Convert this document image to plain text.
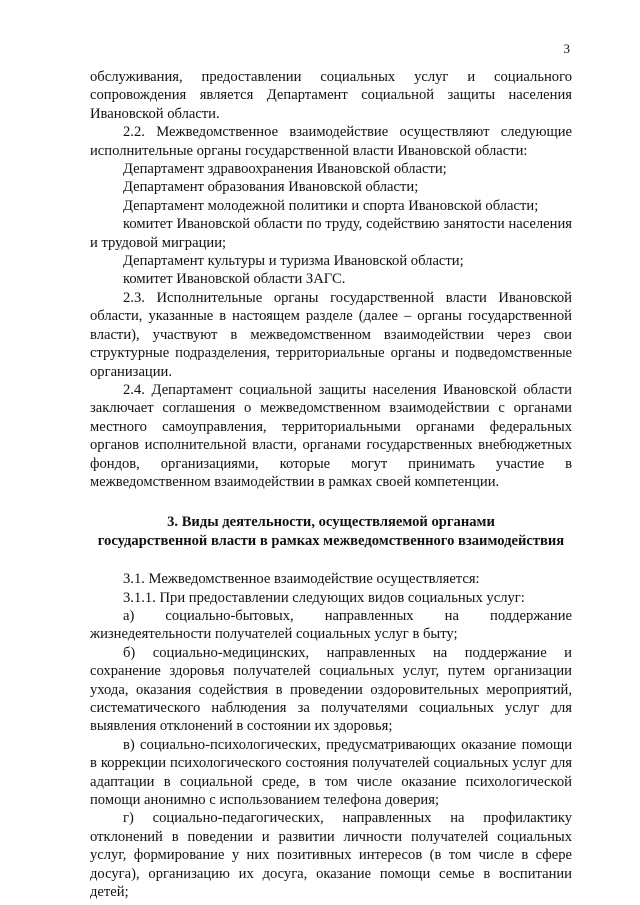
3

обслуживания, предоставлении социальных услуг и социального сопровождения является Департамент социальной защиты населения Ивановской области.

2.2. Межведомственное взаимодействие осуществляют следующие исполнительные органы государственной власти Ивановской области:

Департамент здравоохранения Ивановской области;

Департамент образования Ивановской области;

Департамент молодежной политики и спорта Ивановской области;

комитет Ивановской области по труду, содействию занятости населения и трудовой миграции;

Департамент культуры и туризма Ивановской области;

комитет Ивановской области ЗАГС.

2.3. Исполнительные органы государственной власти Ивановской области, указанные в настоящем разделе (далее – органы государственной власти), участвуют в межведомственном взаимодействии через свои структурные подразделения, территориальные органы и подведомственные организации.

2.4. Департамент социальной защиты населения Ивановской области заключает соглашения о межведомственном взаимодействии с органами местного самоуправления, территориальными органами федеральных органов исполнительной власти, органами государственных внебюджетных фондов, организациями, которые могут принимать участие в межведомственном взаимодействии в рамках своей компетенции.

3. Виды деятельности, осуществляемой органами
государственной власти в рамках межведомственного взаимодействия

3.1. Межведомственное взаимодействие осуществляется:

3.1.1. При предоставлении следующих видов социальных услуг:

а) социально-бытовых, направленных на поддержание жизнедеятельности получателей социальных услуг в быту;

б) социально-медицинских, направленных на поддержание и сохранение здоровья получателей социальных услуг, путем организации ухода, оказания содействия в проведении оздоровительных мероприятий, систематического наблюдения за получателями социальных услуг для выявления отклонений в состоянии их здоровья;

в) социально-психологических, предусматривающих оказание помощи в коррекции психологического состояния получателей социальных услуг для адаптации в социальной среде, в том числе оказание психологической помощи анонимно с использованием телефона доверия;

г) социально-педагогических, направленных на профилактику отклонений в поведении и развитии личности получателей социальных услуг, формирование у них позитивных интересов (в том числе в сфере досуга), организацию их досуга, оказание помощи семье в воспитании детей;
